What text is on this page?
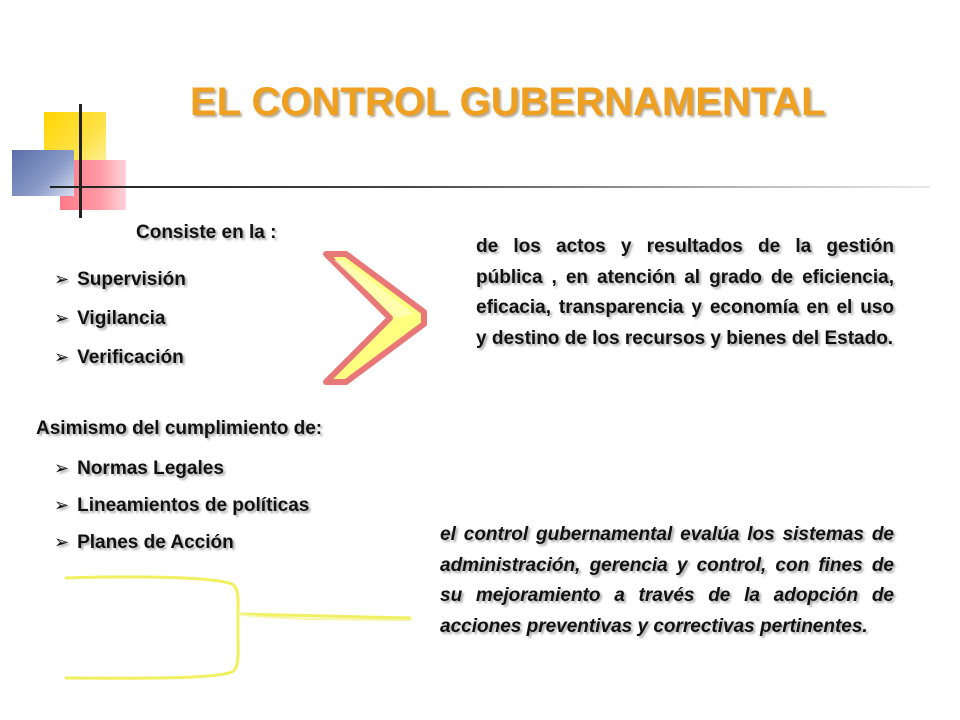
EL CONTROL GUBERNAMENTAL
Consiste en la :
➢ Supervisión
➢ Vigilancia
➢ Verificación
Asimismo del cumplimiento de:
➢ Normas Legales
➢ Lineamientos de políticas
➢ Planes de Acción
de los actos y resultados de la gestión pública , en atención al grado de eficiencia, eficacia, transparencia y economía en el uso y destino de los recursos y bienes del Estado.
el control gubernamental evalúa los sistemas de administración, gerencia y control, con fines de su mejoramiento a través de la adopción de acciones preventivas y correctivas pertinentes.
